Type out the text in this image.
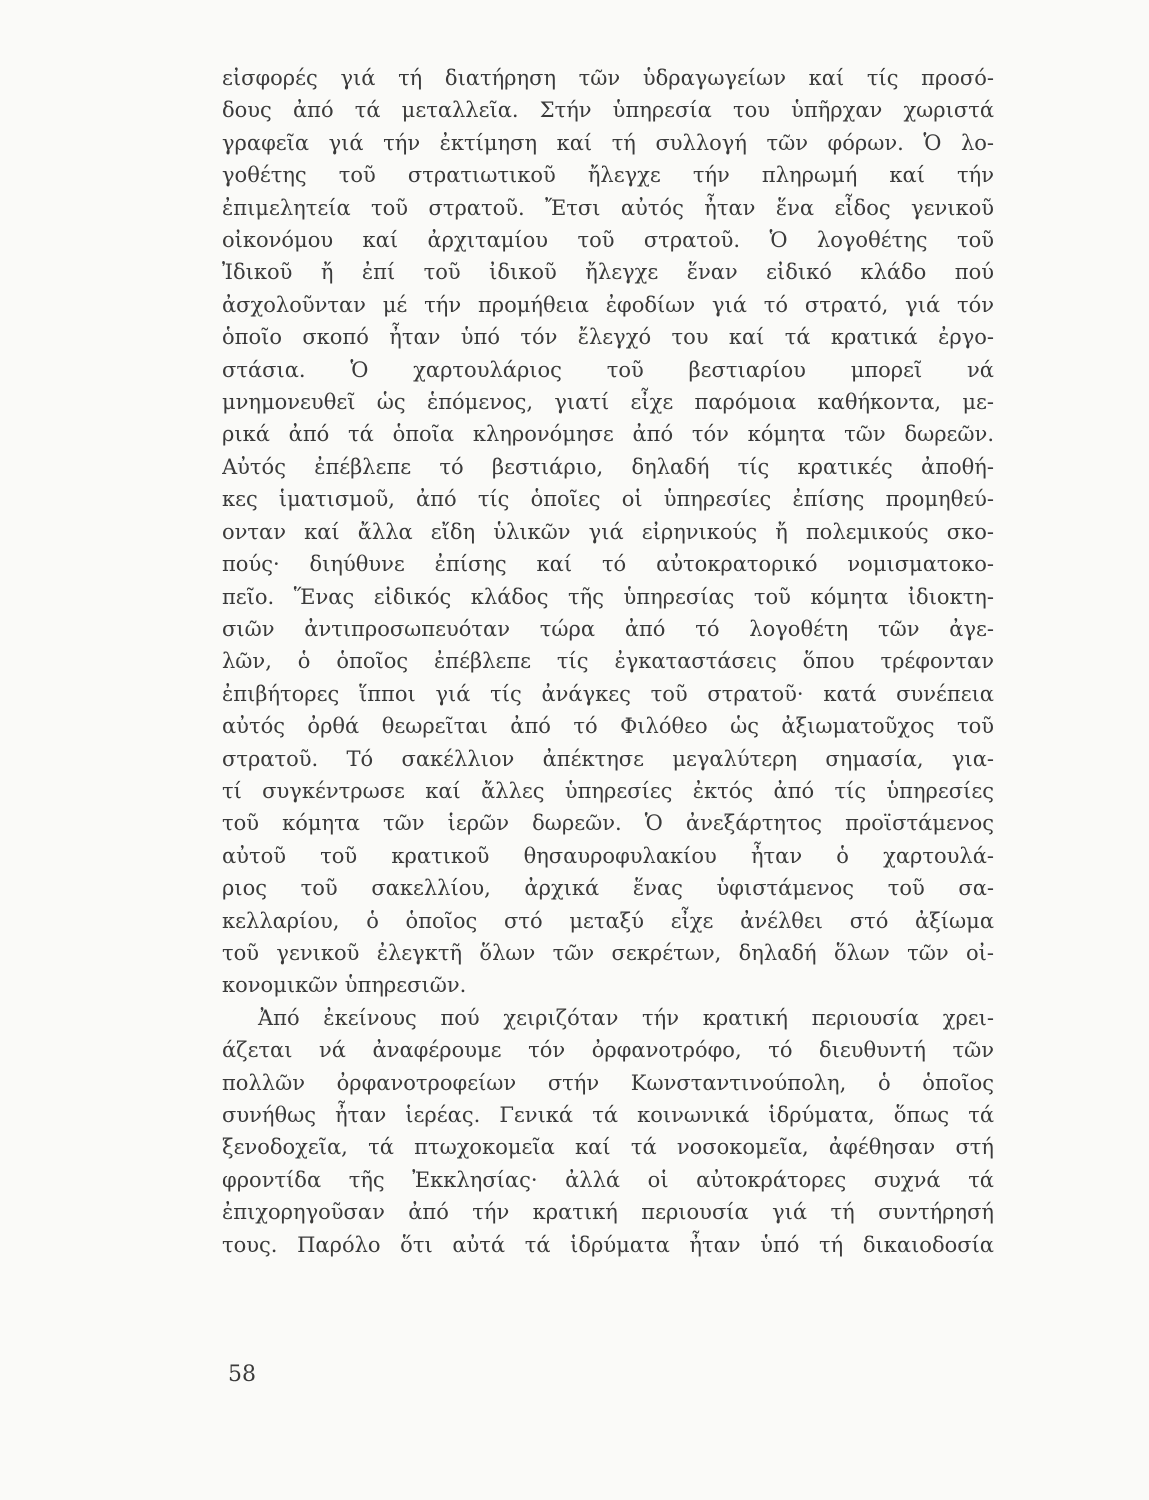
εἰσφορές γιά τή διατήρηση τῶν ὑδραγωγείων καί τίς προσό-
δους ἀπό τά μεταλλεῖα. Στήν ὑπηρεσία του ὑπῆρχαν χωριστά
γραφεῖα γιά τήν ἐκτίμηση καί τή συλλογή τῶν φόρων. Ὁ λο-
γοθέτης τοῦ στρατιωτικοῦ ἤλεγχε τήν πληρωμή καί τήν
ἐπιμελητεία τοῦ στρατοῦ. Ἔτσι αὐτός ἦταν ἕνα εἶδος γενικοῦ
οἰκονόμου καί ἀρχιταμίου τοῦ στρατοῦ. Ὁ λογοθέτης τοῦ
Ἰδικοῦ ἤ ἐπί τοῦ ἰδικοῦ ἤλεγχε ἕναν εἰδικό κλάδο πού
ἀσχολοῦνταν μέ τήν προμήθεια ἐφοδίων γιά τό στρατό, γιά τόν
ὁποῖο σκοπό ἦταν ὑπό τόν ἔλεγχό του καί τά κρατικά ἐργο-
στάσια. Ὁ χαρτουλάριος τοῦ βεστιαρίου μπορεῖ νά
μνημονευθεῖ ὡς ἑπόμενος, γιατί εἶχε παρόμοια καθήκοντα, με-
ρικά ἀπό τά ὁποῖα κληρονόμησε ἀπό τόν κόμητα τῶν δωρεῶν.
Αὐτός ἐπέβλεπε τό βεστιάριο, δηλαδή τίς κρατικές ἀποθή-
κες ἱματισμοῦ, ἀπό τίς ὁποῖες οἱ ὑπηρεσίες ἐπίσης προμηθεύ-
ονταν καί ἄλλα εἴδη ὑλικῶν γιά εἰρηνικούς ἤ πολεμικούς σκο-
πούς· διηύθυνε ἐπίσης καί τό αὐτοκρατορικό νομισματοκο-
πεῖο. Ἕνας εἰδικός κλάδος τῆς ὑπηρεσίας τοῦ κόμητα ἰδιοκτη-
σιῶν ἀντιπροσωπευόταν τώρα ἀπό τό λογοθέτη τῶν ἀγε-
λῶν, ὁ ὁποῖος ἐπέβλεπε τίς ἐγκαταστάσεις ὅπου τρέφονταν
ἐπιβήτορες ἵπποι γιά τίς ἀνάγκες τοῦ στρατοῦ· κατά συνέπεια
αὐτός ὀρθά θεωρεῖται ἀπό τό Φιλόθεο ὡς ἀξιωματοῦχος τοῦ
στρατοῦ. Τό σακέλλιον ἀπέκτησε μεγαλύτερη σημασία, για-
τί συγκέντρωσε καί ἄλλες ὑπηρεσίες ἐκτός ἀπό τίς ὑπηρεσίες
τοῦ κόμητα τῶν ἱερῶν δωρεῶν. Ὁ ἀνεξάρτητος προϊστάμενος
αὐτοῦ τοῦ κρατικοῦ θησαυροφυλακίου ἦταν ὁ χαρτουλά-
ριος τοῦ σακελλίου, ἀρχικά ἕνας ὑφιστάμενος τοῦ σα-
κελλαρίου, ὁ ὁποῖος στό μεταξύ εἶχε ἀνέλθει στό ἀξίωμα
τοῦ γενικοῦ ἐλεγκτῆ ὅλων τῶν σεκρέτων, δηλαδή ὅλων τῶν οἰ-
κονομικῶν ὑπηρεσιῶν.
Ἀπό ἐκείνους πού χειριζόταν τήν κρατική περιουσία χρει-
άζεται νά ἀναφέρουμε τόν ὀρφανοτρόφο, τό διευθυντή τῶν
πολλῶν ὀρφανοτροφείων στήν Κωνσταντινούπολη, ὁ ὁποῖος
συνήθως ἦταν ἱερέας. Γενικά τά κοινωνικά ἱδρύματα, ὅπως τά
ξενοδοχεῖα, τά πτωχοκομεῖα καί τά νοσοκομεῖα, ἀφέθησαν στή
φροντίδα τῆς Ἐκκλησίας· ἀλλά οἱ αὐτοκράτορες συχνά τά
ἐπιχορηγοῦσαν ἀπό τήν κρατική περιουσία γιά τή συντήρησή
τους. Παρόλο ὅτι αὐτά τά ἱδρύματα ἦταν ὑπό τή δικαιοδοσία
58
